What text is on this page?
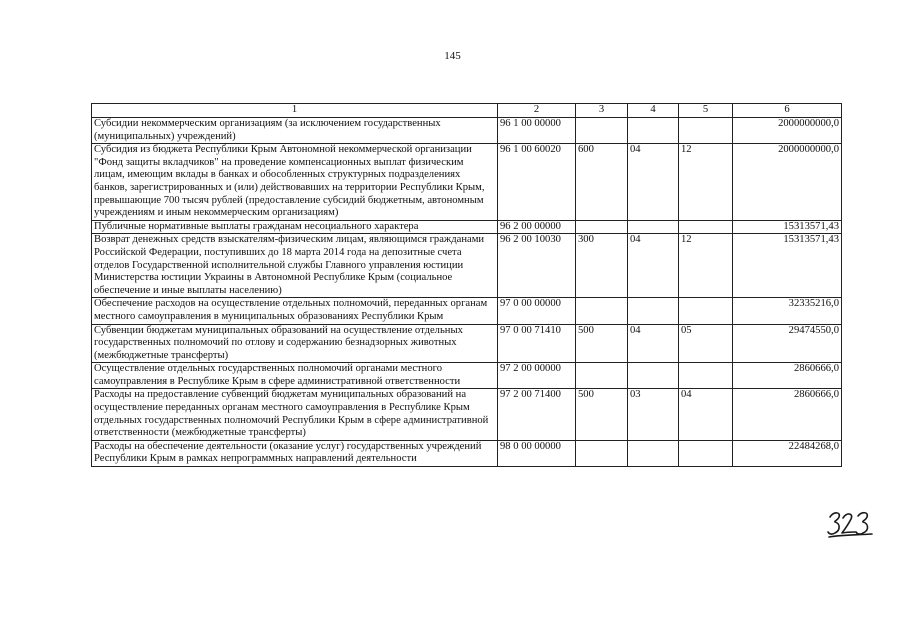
145
1	2	3	4	5	6
Субсидии некоммерческим организациям (за исключением государственных (муниципальных) учреждений)	96 1 00 00000				2000000000,0
Субсидия из бюджета Республики Крым Автономной некоммерческой организации "Фонд защиты вкладчиков" на проведение компенсационных выплат физическим лицам, имеющим вклады в банках и обособленных структурных подразделениях банков, зарегистрированных и (или) действовавших на территории Республики Крым, превышающие 700 тысяч рублей (предоставление субсидий бюджетным, автономным учреждениям и иным некоммерческим организациям)	96 1 00 60020	600	04	12	2000000000,0
Публичные нормативные выплаты гражданам несоциального характера	96 2 00 00000				15313571,43
Возврат денежных средств взыскателям-физическим лицам, являющимся гражданами Российской Федерации, поступивших до 18 марта 2014 года на депозитные счета отделов Государственной исполнительной службы Главного управления юстиции Министерства юстиции Украины в Автономной Республике Крым (социальное обеспечение и иные выплаты населению)	96 2 00 10030	300	04	12	15313571,43
Обеспечение расходов на осуществление отдельных полномочий, переданных органам местного самоуправления в муниципальных образованиях Республики Крым	97 0 00 00000				32335216,0
Субвенции бюджетам муниципальных образований на осуществление отдельных государственных полномочий по отлову и содержанию безнадзорных животных (межбюджетные трансферты)	97 0 00 71410	500	04	05	29474550,0
Осуществление отдельных государственных полномочий органами местного самоуправления в Республике Крым в сфере административной ответственности	97 2 00 00000				2860666,0
Расходы на предоставление субвенций бюджетам муниципальных образований на осуществление переданных органам местного самоуправления в Республике Крым отдельных государственных полномочий Республики Крым в сфере административной ответственности (межбюджетные трансферты)	97 2 00 71400	500	03	04	2860666,0
Расходы на обеспечение деятельности (оказание услуг) государственных учреждений Республики Крым в рамках непрограммных направлений деятельности	98 0 00 00000				22484268,0
